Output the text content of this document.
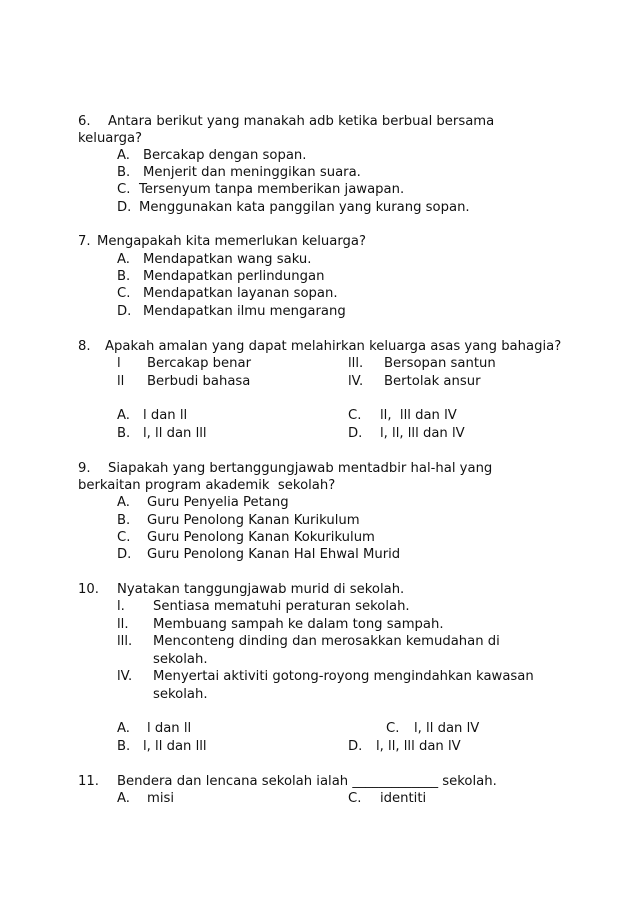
6. Antara berikut yang manakah adb ketika berbual bersama
keluarga?
A. Bercakap dengan sopan.
B. Menjerit dan meninggikan suara.
C. Tersenyum tanpa memberikan jawapan.
D. Menggunakan kata panggilan yang kurang sopan.
7. Mengapakah kita memerlukan keluarga?
A. Mendapatkan wang saku.
B. Mendapatkan perlindungan
C. Mendapatkan layanan sopan.
D. Mendapatkan ilmu mengarang
8. Apakah amalan yang dapat melahirkan keluarga asas yang bahagia?
l Bercakap benar	lll. Bersopan santun
ll Berbudi bahasa	lV. Bertolak ansur
A. l dan ll	C. ll,  lll dan lV
B. l, ll dan lll	D. l, ll, lll dan lV
9. Siapakah yang bertanggungjawab mentadbir hal-hal yang
berkaitan program akademik  sekolah?
A. Guru Penyelia Petang
B. Guru Penolong Kanan Kurikulum
C. Guru Penolong Kanan Kokurikulum
D. Guru Penolong Kanan Hal Ehwal Murid
10. Nyatakan tanggungjawab murid di sekolah.
l. Sentiasa mematuhi peraturan sekolah.
ll. Membuang sampah ke dalam tong sampah.
lll. Menconteng dinding dan merosakkan kemudahan di
sekolah.
lV. Menyertai aktiviti gotong-royong mengindahkan kawasan
sekolah.
A. l dan ll	C. l, ll dan lV
B. l, ll dan lll	D. l, ll, lll dan lV
11. Bendera dan lencana sekolah ialah _____________ sekolah.
A. misi	C. identiti
